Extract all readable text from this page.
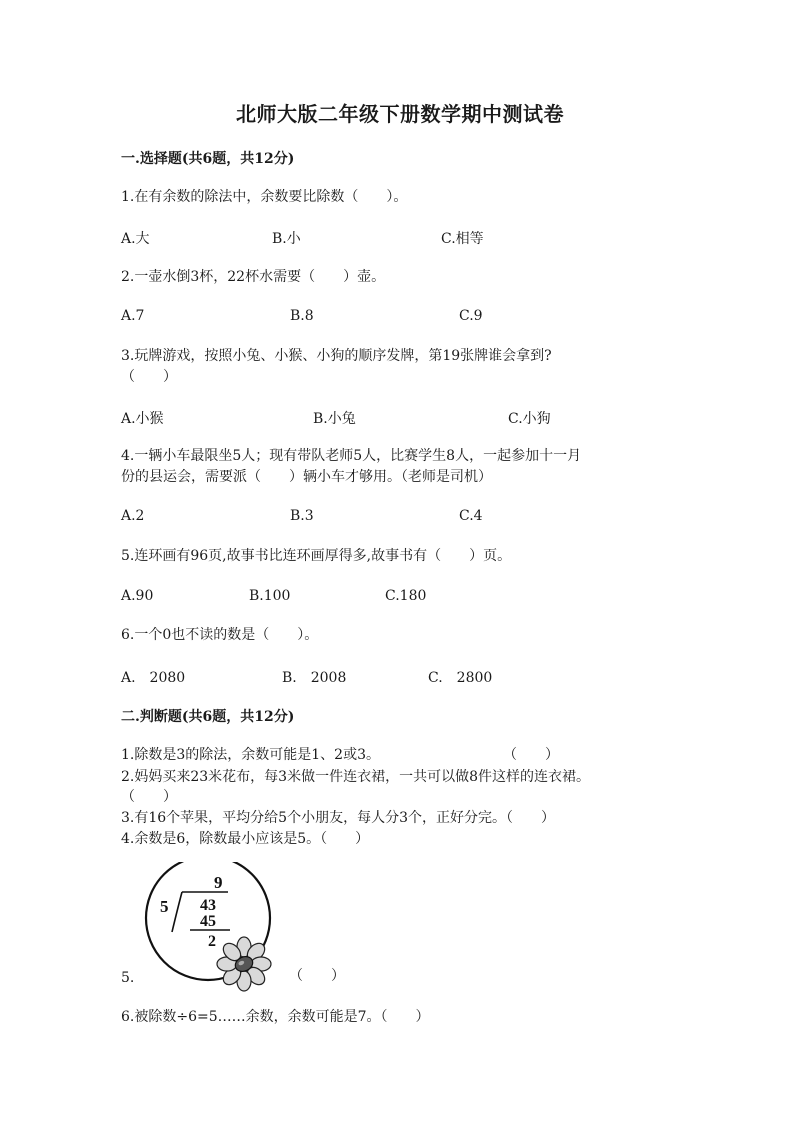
北师大版二年级下册数学期中测试卷
一.选择题(共6题，共12分)
1.在有余数的除法中，余数要比除数（　　）。
A.大	B.小	C.相等
2.一壶水倒3杯，22杯水需要（　　）壶。
A.7	B.8	C.9
3.玩牌游戏，按照小兔、小猴、小狗的顺序发牌，第19张牌谁会拿到?
（　　）
A.小猴	B.小兔	C.小狗
4.一辆小车最限坐5人；现有带队老师5人，比赛学生8人，一起参加十一月
份的县运会，需要派（　　）辆小车才够用。（老师是司机）
A.2	B.3	C.4
5.连环画有96页,故事书比连环画厚得多,故事书有（　　）页。
A.90	B.100	C.180
6.一个0也不读的数是（　　）。
A.　2080	B.　2008	C.　2800
二.判断题(共6题，共12分)
1.除数是3的除法，余数可能是1、2或3。	（　　）
2.妈妈买来23米花布，每3米做一件连衣裙，一共可以做8件这样的连衣裙。
（　　）
3.有16个苹果，平均分给5个小朋友，每人分3个，正好分完。（　　）
4.余数是6，除数最小应该是5。（　　）
9
5 43
45
2
5.	（　　）
6.被除数÷6=5……余数，余数可能是7。（　　）
